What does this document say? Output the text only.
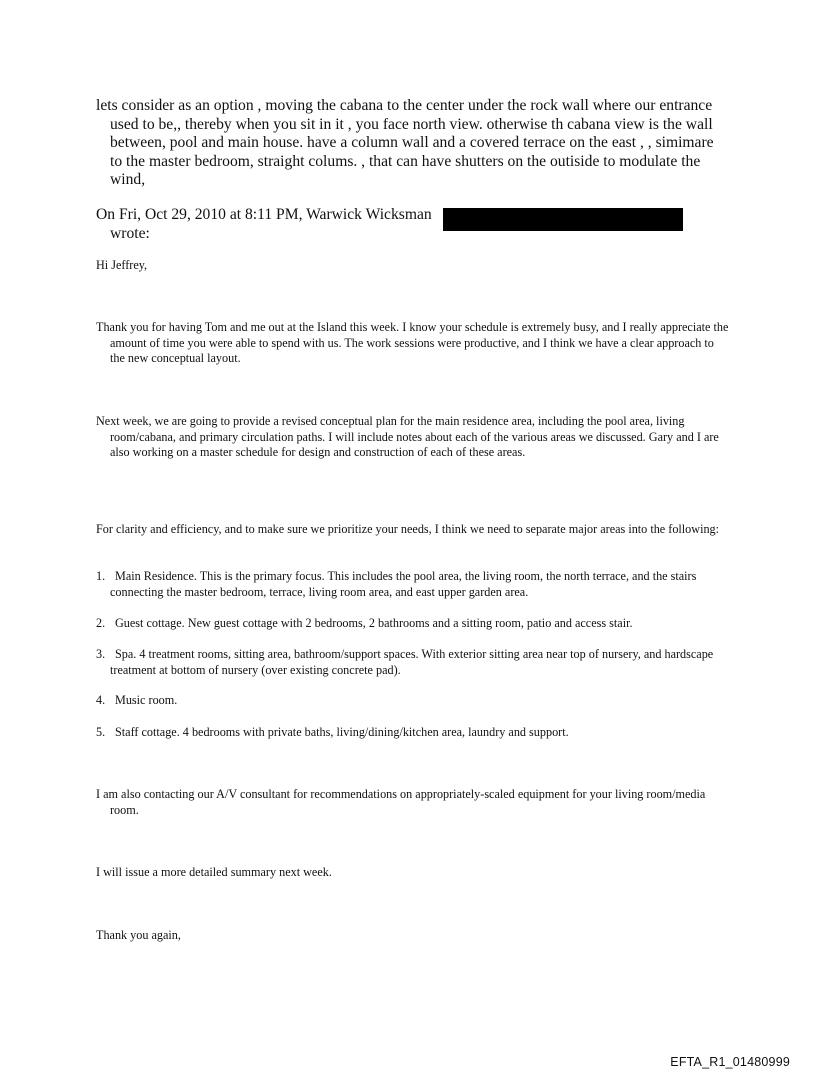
lets consider as an option , moving the cabana to the center under the rock wall where our entrance used to be,, thereby when you sit in it , you face north view. otherwise th cabana view is the wall between, pool and main house. have a column wall and a covered terrace on the east , , simimare to the master bedroom, straight colums. , that can have shutters on the outiside to modulate the wind,

On Fri, Oct 29, 2010 at 8:11 PM, Warwick Wicksman
wrote:

Hi Jeffrey,

Thank you for having Tom and me out at the Island this week. I know your schedule is extremely busy, and I really appreciate the amount of time you were able to spend with us. The work sessions were productive, and I think we have a clear approach to the new conceptual layout.

Next week, we are going to provide a revised conceptual plan for the main residence area, including the pool area, living room/cabana, and primary circulation paths. I will include notes about each of the various areas we discussed. Gary and I are also working on a master schedule for design and construction of each of these areas.

For clarity and efficiency, and to make sure we prioritize your needs, I think we need to separate major areas into the following:

1. Main Residence. This is the primary focus. This includes the pool area, the living room, the north terrace, and the stairs connecting the master bedroom, terrace, living room area, and east upper garden area.

2. Guest cottage. New guest cottage with 2 bedrooms, 2 bathrooms and a sitting room, patio and access stair.

3. Spa. 4 treatment rooms, sitting area, bathroom/support spaces. With exterior sitting area near top of nursery, and hardscape treatment at bottom of nursery (over existing concrete pad).

4. Music room.

5. Staff cottage. 4 bedrooms with private baths, living/dining/kitchen area, laundry and support.

I am also contacting our A/V consultant for recommendations on appropriately-scaled equipment for your living room/media room.

I will issue a more detailed summary next week.

Thank you again,

EFTA_R1_01480999
